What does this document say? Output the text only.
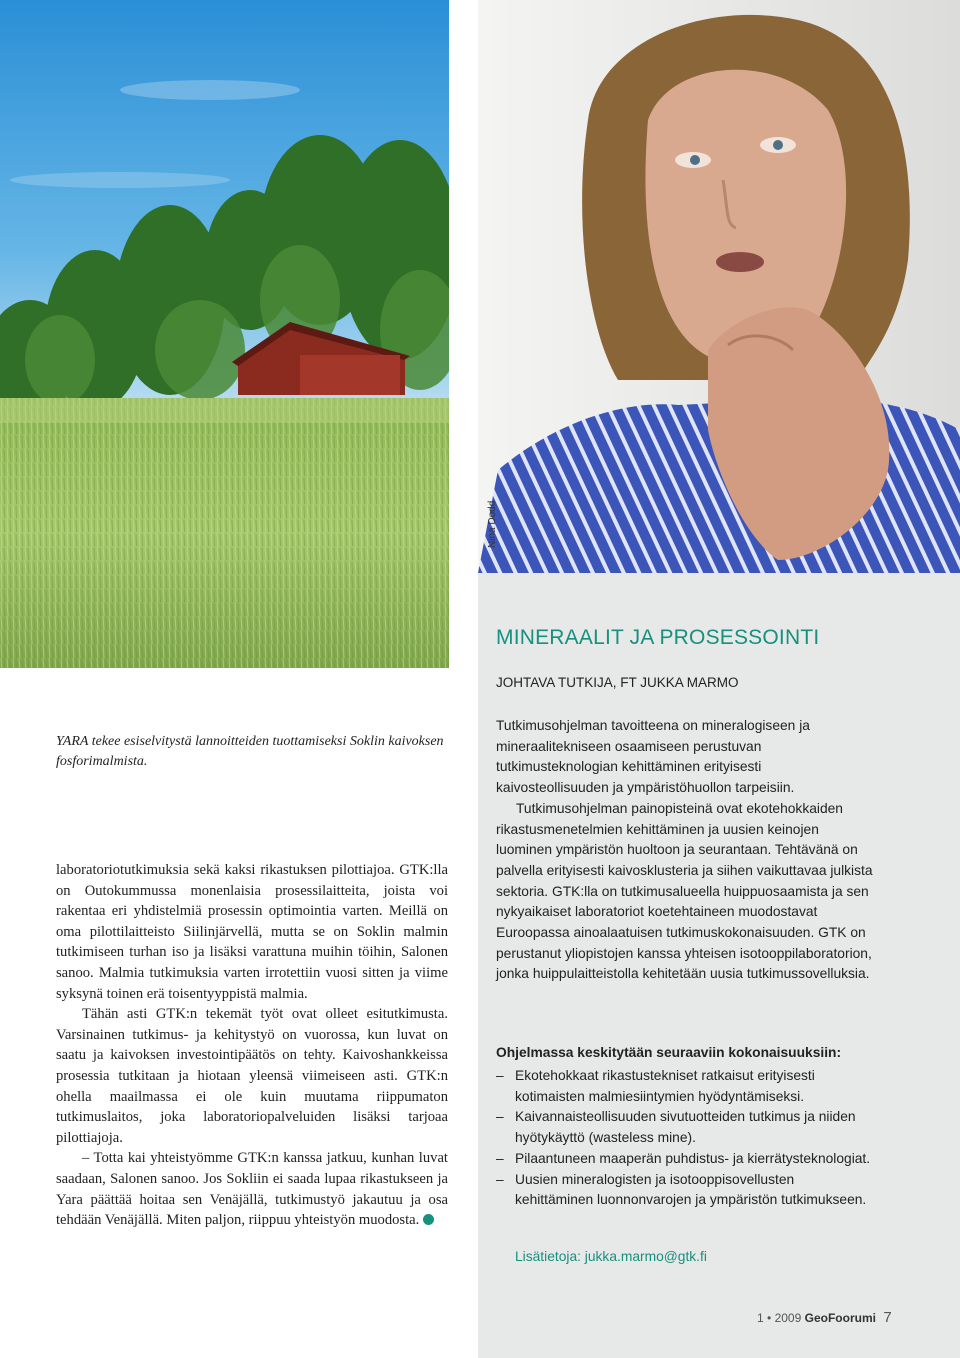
Nina Dodd
YARA tekee esiselvitystä lannoitteiden tuottamiseksi Soklin kaivoksen fosforimalmista.

laboratoriotutkimuksia sekä kaksi rikastuksen pilottiajoa. GTK:lla on Outokummussa monenlaisia prosessilaitteita, joista voi rakentaa eri yhdistelmiä prosessin optimointia varten. Meillä on oma pilottilaitteisto Siilinjärvellä, mutta se on Soklin malmin tutkimiseen turhan iso ja lisäksi varattuna muihin töihin, Salonen sanoo. Malmia tutkimuksia varten irrotettiin vuosi sitten ja viime syksynä toinen erä toisentyyppistä malmia.

Tähän asti GTK:n tekemät työt ovat olleet esitutkimusta. Varsinainen tutkimus- ja kehitystyö on vuorossa, kun luvat on saatu ja kaivoksen investointipäätös on tehty. Kaivoshankkeissa prosessia tutkitaan ja hiotaan yleensä viimeiseen asti. GTK:n ohella maailmassa ei ole kuin muutama riippumaton tutkimuslaitos, joka laboratoriopalveluiden lisäksi tarjoaa pilottiajoja.

– Totta kai yhteistyömme GTK:n kanssa jatkuu, kunhan luvat saadaan, Salonen sanoo. Jos Sokliin ei saada lupaa rikastukseen ja Yara päättää hoitaa sen Venäjällä, tutkimustyö jakautuu ja osa tehdään Venäjällä. Miten paljon, riippuu yhteistyön muodosta.

MINERAALIT JA PROSESSOINTI
JOHTAVA TUTKIJA, FT JUKKA MARMO

Tutkimusohjelman tavoitteena on mineralogiseen ja mineraalitekniseen osaamiseen perustuvan tutkimusteknologian kehittäminen erityisesti kaivosteollisuuden ja ympäristöhuollon tarpeisiin.

Tutkimusohjelman painopisteinä ovat ekotehokkaiden rikastusmenetelmien kehittäminen ja uusien keinojen luominen ympäristön huoltoon ja seurantaan. Tehtävänä on palvella erityisesti kaivosklusteria ja siihen vaikuttavaa julkista sektoria. GTK:lla on tutkimusalueella huippuosaamista ja sen nykyaikaiset laboratoriot koetehtaineen muodostavat Euroopassa ainoalaatuisen tutkimuskokonaisuuden. GTK on perustanut yliopistojen kanssa yhteisen isotooppilaboratorion, jonka huippulaitteistolla kehitetään uusia tutkimussovelluksia.

Ohjelmassa keskitytään seuraaviin kokonaisuuksiin:
– Ekotehokkaat rikastustekniset ratkaisut erityisesti kotimaisten malmiesiintymien hyödyntämiseksi.
– Kaivannaisteollisuuden sivutuotteiden tutkimus ja niiden hyötykäyttö (wasteless mine).
– Pilaantuneen maaperän puhdistus- ja kierrätysteknologiat.
– Uusien mineralogisten ja isotooppisovellusten kehittäminen luonnonvarojen ja ympäristön tutkimukseen.
Lisätietoja: jukka.marmo@gtk.fi
1 • 2009 GeoFoorumi 7
